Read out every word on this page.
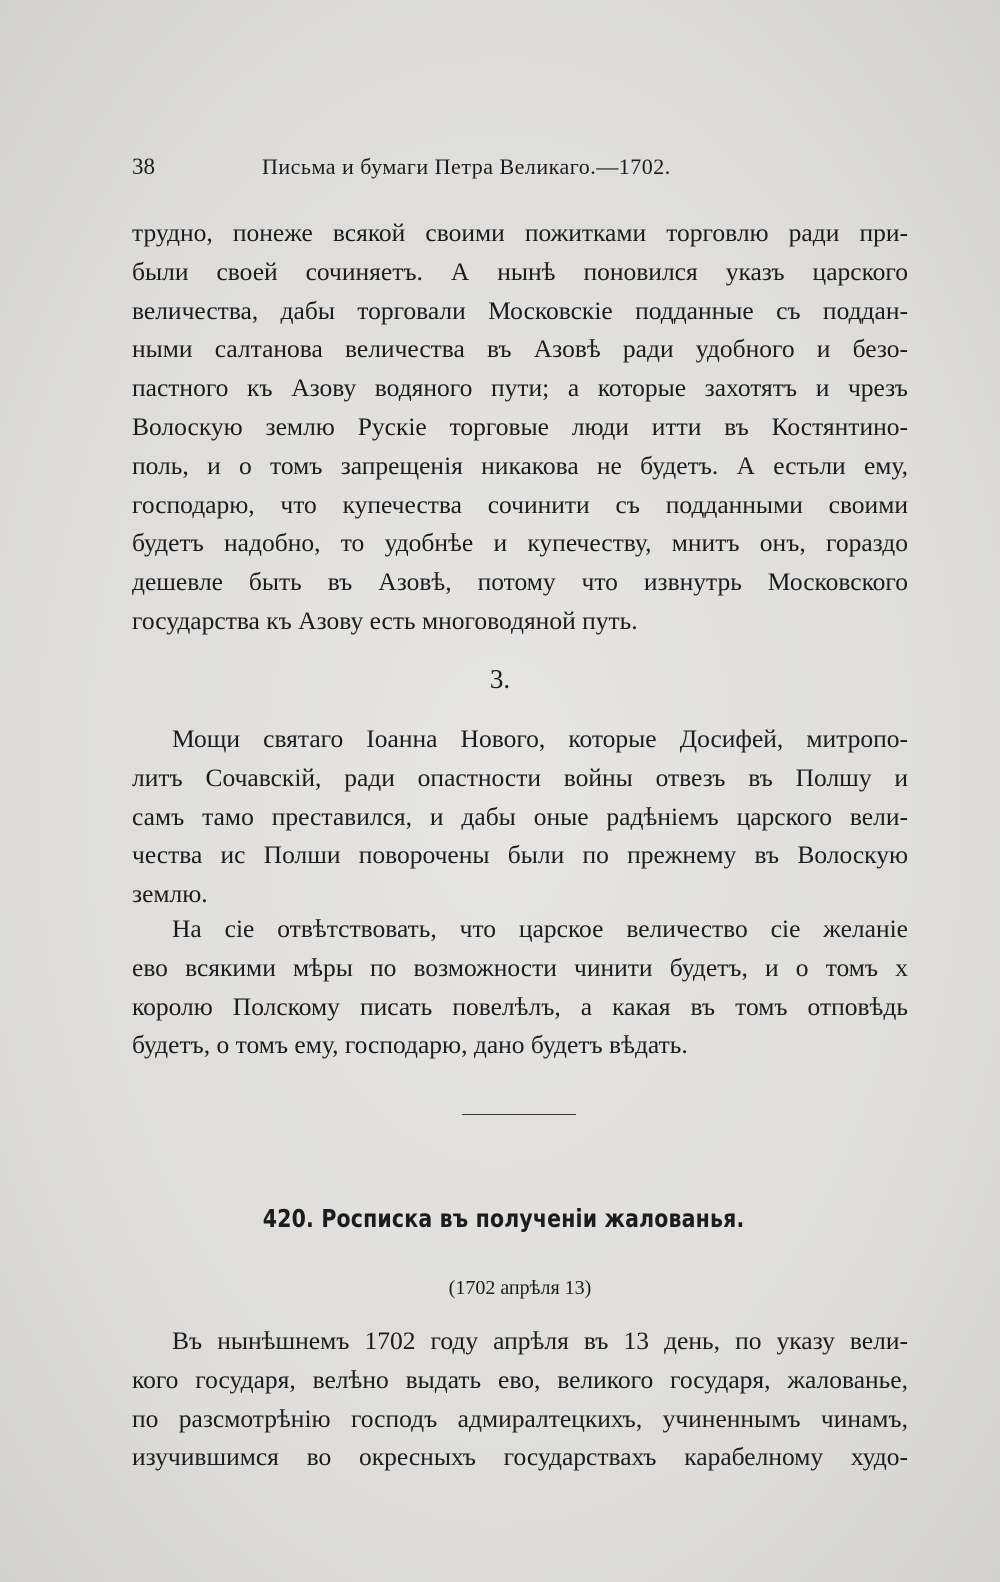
38	Письма и бумаги Петра Великаго.—1702.

трудно, понеже всякой своими пожитками торговлю ради при-
были своей сочиняетъ. А нынѣ поновился указъ царского
величества, дабы торговали Московскіе подданные съ поддан-
ными салтанова величества въ Азовѣ ради удобного и безо-
пастного къ Азову водяного пути; а которые захотятъ и чрезъ
Волоскую землю Рускіе торговые люди итти въ Костянтино-
поль, и о томъ запрещенія никакова не будетъ. А естьли ему,
господарю, что купечества сочинити съ подданными своими
будетъ надобно, то удобнѣе и купечеству, мнитъ онъ, гораздо
дешевле быть въ Азовѣ, потому что извнутрь Московского
государства къ Азову есть многоводяной путь.

3.

Мощи святаго Іоанна Нового, которые Досифей, митропо-
литъ Сочавскій, ради опастности войны отвезъ въ Полшу и
самъ тамо преставился, и дабы оные радѣніемъ царского вели-
чества ис Полши поворочены были по прежнему въ Волоскую
землю.

На сіе отвѣтствовать, что царское величество сіе желаніе
ево всякими мѣры по возможности чинити будетъ, и о томъ х
королю Полскому писать повелѣлъ, а какая въ томъ отповѣдь
будетъ, о томъ ему, господарю, дано будетъ вѣдать.

420. Росписка въ полученіи жалованья.
(1702 апрѣля 13)

Въ нынѣшнемъ 1702 году апрѣля въ 13 день, по указу вели-
кого государя, велѣно выдать ево, великого государя, жалованье,
по разсмотрѣнію господъ адмиралтецкихъ, учиненнымъ чинамъ,
изучившимся во окресныхъ государствахъ карабелному худо-
